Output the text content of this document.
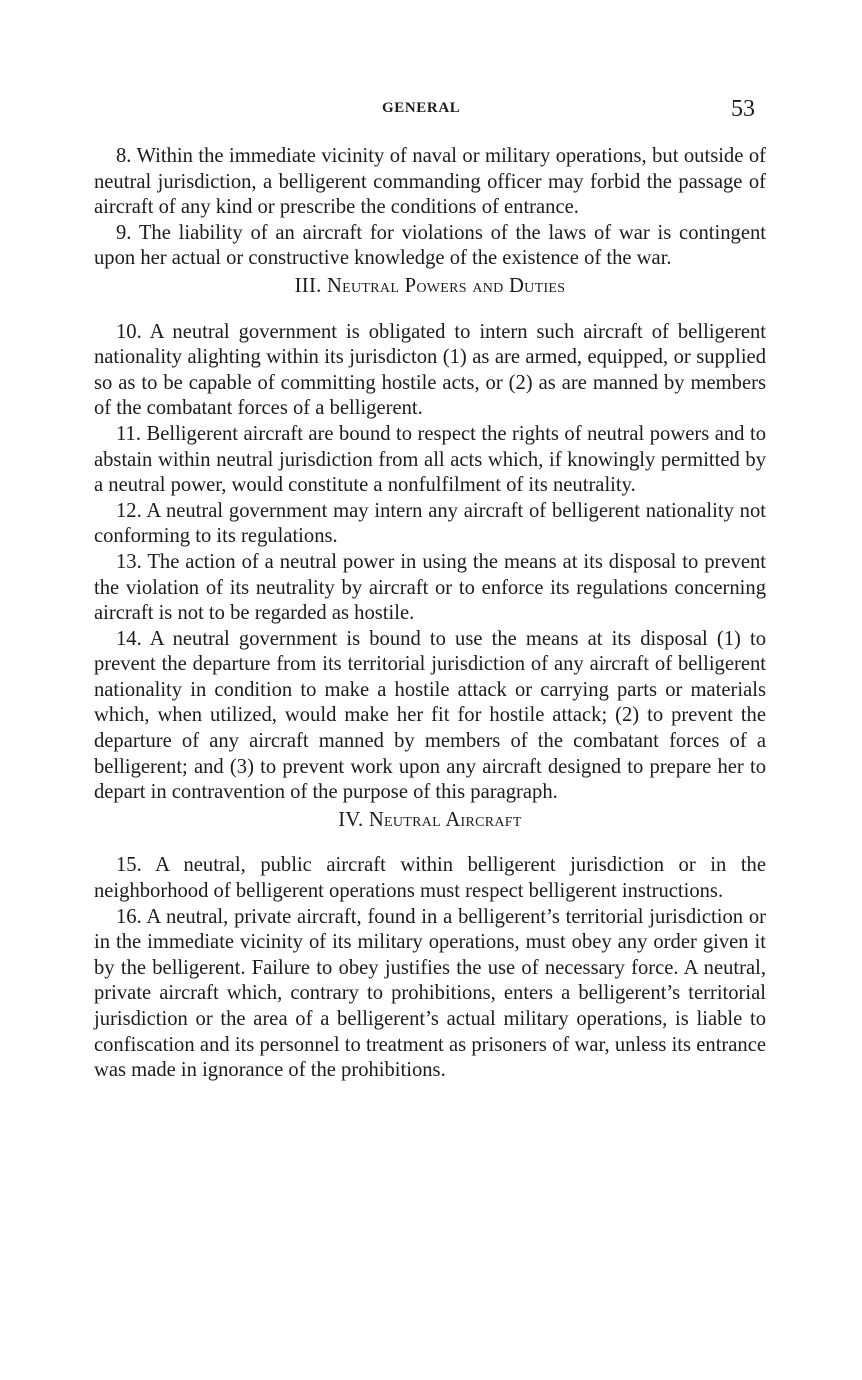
GENERAL	53

8. Within the immediate vicinity of naval or military operations, but outside of neutral jurisdiction, a belligerent commanding officer may forbid the passage of aircraft of any kind or prescribe the conditions of entrance.

9. The liability of an aircraft for violations of the laws of war is contingent upon her actual or constructive knowledge of the existence of the war.

III. Neutral Powers and Duties

10. A neutral government is obligated to intern such aircraft of belligerent nationality alighting within its jurisdicton (1) as are armed, equipped, or supplied so as to be capable of committing hostile acts, or (2) as are manned by members of the combatant forces of a belligerent.

11. Belligerent aircraft are bound to respect the rights of neutral powers and to abstain within neutral jurisdiction from all acts which, if knowingly permitted by a neutral power, would constitute a nonfulfilment of its neutrality.

12. A neutral government may intern any aircraft of belligerent nationality not conforming to its regulations.

13. The action of a neutral power in using the means at its disposal to prevent the violation of its neutrality by aircraft or to enforce its regulations concerning aircraft is not to be regarded as hostile.

14. A neutral government is bound to use the means at its disposal (1) to prevent the departure from its territorial jurisdiction of any aircraft of belligerent nationality in condition to make a hostile attack or carrying parts or materials which, when utilized, would make her fit for hostile attack; (2) to prevent the departure of any aircraft manned by members of the combatant forces of a belligerent; and (3) to prevent work upon any aircraft designed to prepare her to depart in contravention of the purpose of this paragraph.

IV. Neutral Aircraft

15. A neutral, public aircraft within belligerent jurisdiction or in the neighborhood of belligerent operations must respect belligerent instructions.

16. A neutral, private aircraft, found in a belligerent’s territorial jurisdiction or in the immediate vicinity of its military operations, must obey any order given it by the belligerent. Failure to obey justifies the use of necessary force. A neutral, private aircraft which, contrary to prohibitions, enters a belligerent’s territorial jurisdiction or the area of a belligerent’s actual military operations, is liable to confiscation and its personnel to treatment as prisoners of war, unless its entrance was made in ignorance of the prohibitions.
